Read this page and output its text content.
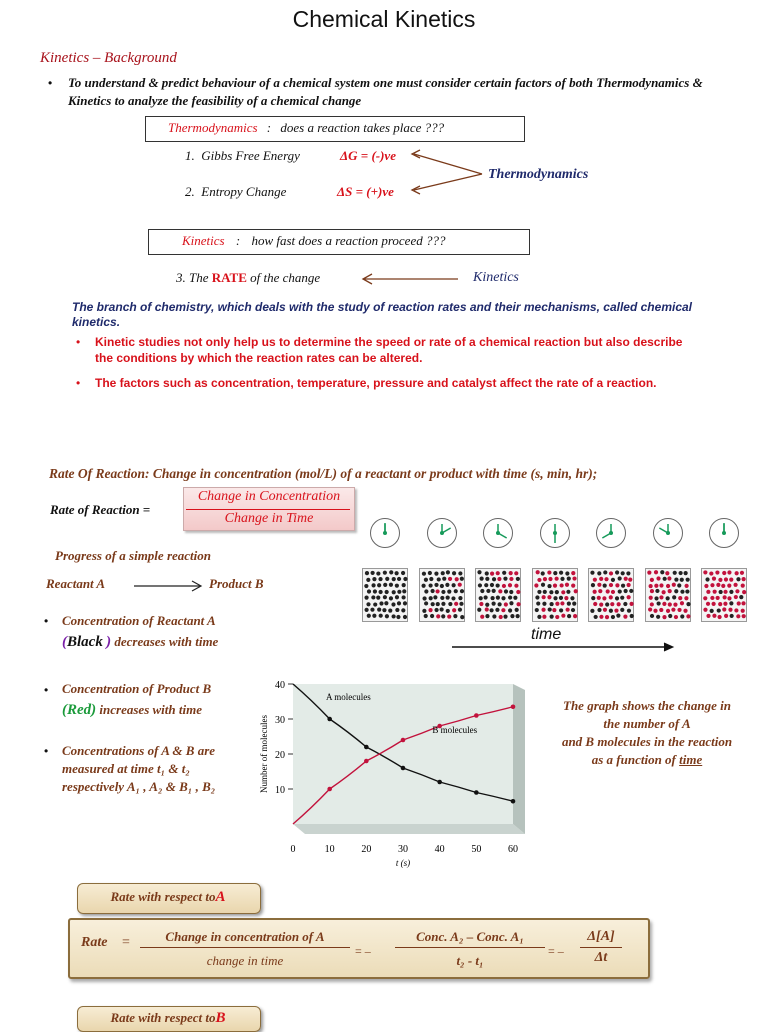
Chemical Kinetics
Kinetics – Background
• To understand & predict behaviour of a chemical system one must consider certain factors of both Thermodynamics & Kinetics to analyze the feasibility of a chemical change
Thermodynamics : does a reaction takes place ???
1. Gibbs Free Energy	ΔG = (-)ve
2. Entropy Change	ΔS = (+)ve
Thermodynamics
Kinetics : how fast does a reaction proceed ???
3. The RATE of the change	Kinetics
The branch of chemistry, which deals with the study of reaction rates and their mechanisms, called chemical kinetics.
• Kinetic studies not only help us to determine the speed or rate of a chemical reaction but also describe the conditions by which the reaction rates can be altered.
• The factors such as concentration, temperature, pressure and catalyst affect the rate of a reaction.
Rate Of Reaction: Change in concentration (mol/L) of a reactant or product with time (s, min, hr);
Rate of Reaction =
Change in Concentration
Change in Time
Progress of a simple reaction
Reactant A	Product B
time
• Concentration of Reactant A
(Black ) decreases with time
• Concentration of Product B
(Red) increases with time
• Concentrations of A & B are
measured at time t₁ & t₂
respectively A₁ , A₂ & B₁ , B₂	10
20
30
40
0	10	20	30	40	50	60
t (s)
Number of molecules
A molecules
B molecules
The graph shows the change in
the number of A
and B molecules in the reaction
as a function of time
Rate with respect toA
Rate =	Change in concentration of A
change in time
= –
Conc. A₂ – Conc. A₁
t₂ - t₁
= –
Δ[A]
Δt
Rate with respect toB
